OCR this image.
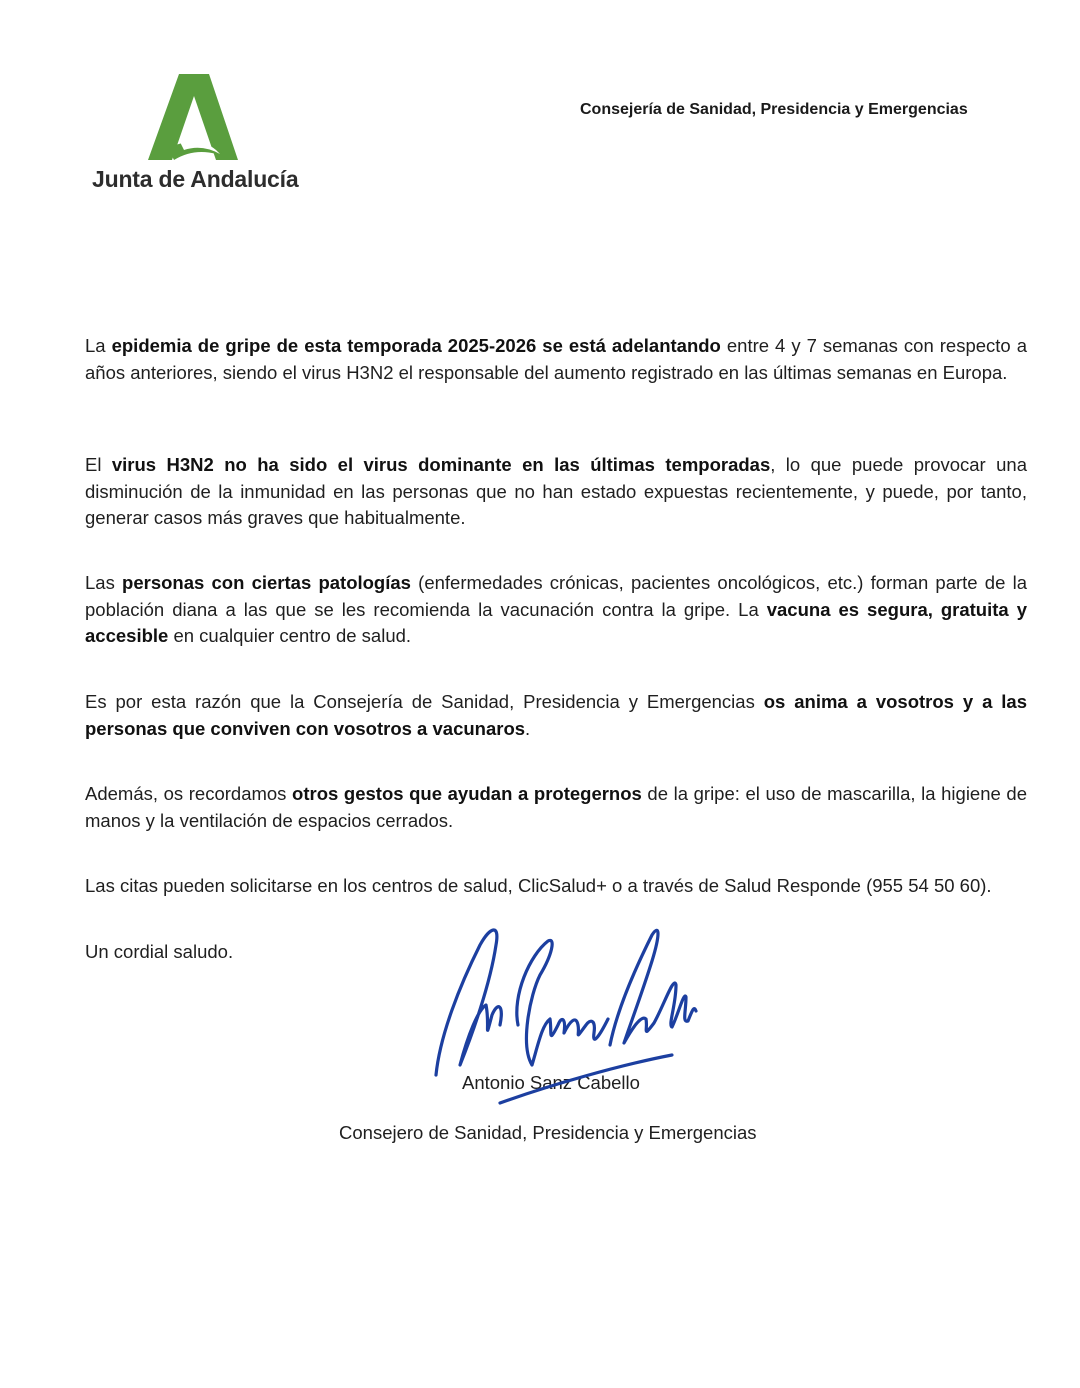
Junta de Andalucía
Consejería de Sanidad, Presidencia y Emergencias

La epidemia de gripe de esta temporada 2025-2026 se está adelantando entre 4 y 7 semanas con respecto a años anteriores, siendo el virus H3N2 el responsable del aumento registrado en las últimas semanas en Europa.

El virus H3N2 no ha sido el virus dominante en las últimas temporadas, lo que puede provocar una disminución de la inmunidad en las personas que no han estado expuestas recientemente, y puede, por tanto, generar casos más graves que habitualmente.

Las personas con ciertas patologías (enfermedades crónicas, pacientes oncológicos, etc.) forman parte de la población diana a las que se les recomienda la vacunación contra la gripe. La vacuna es segura, gratuita y accesible en cualquier centro de salud.

Es por esta razón que la Consejería de Sanidad, Presidencia y Emergencias os anima a vosotros y a las personas que conviven con vosotros a vacunaros.

Además, os recordamos otros gestos que ayudan a protegernos de la gripe: el uso de mascarilla, la higiene de manos y la ventilación de espacios cerrados.

Las citas pueden solicitarse en los centros de salud, ClicSalud+ o a través de Salud Responde (955 54 50 60).

Un cordial saludo.

Antonio Sanz Cabello
Consejero de Sanidad, Presidencia y Emergencias
